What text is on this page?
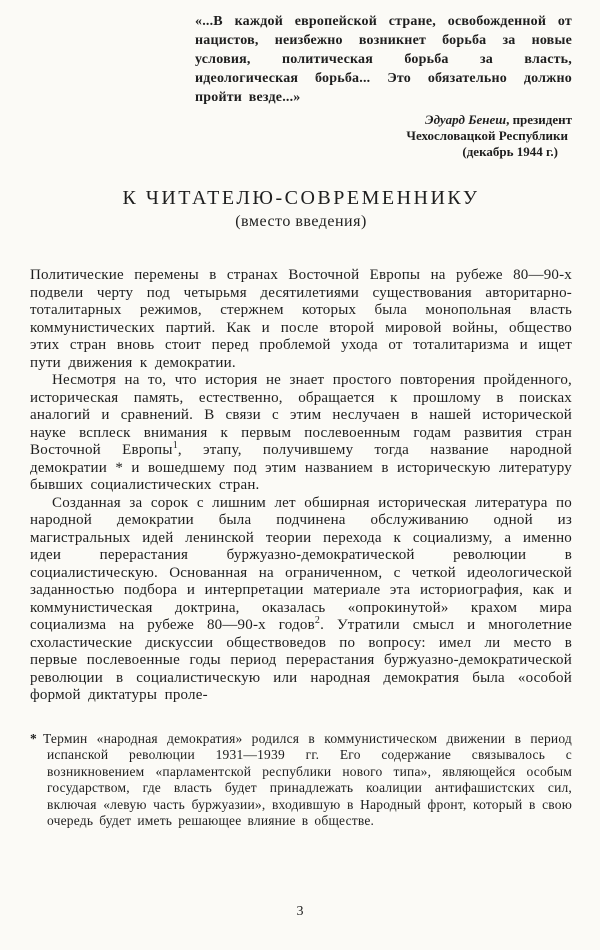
«...В каждой европейской стране, освобожденной от нацистов, неизбежно возникнет борьба за новые условия, политическая борьба за власть, идеологическая борьба... Это обязательно должно пройти везде...»

Эдуард Бенеш, президент
Чехословацкой Республики
(декабрь 1944 г.)
К ЧИТАТЕЛЮ-СОВРЕМЕННИКУ
(вместо введения)

Политические перемены в странах Восточной Европы на рубеже 80—90-х подвели черту под четырьмя десятилетиями существования авторитарно-тоталитарных режимов, стержнем которых была монопольная власть коммунистических партий. Как и после второй мировой войны, общество этих стран вновь стоит перед проблемой ухода от тоталитаризма и ищет пути движения к демократии.

Несмотря на то, что история не знает простого повторения пройденного, историческая память, естественно, обращается к прошлому в поисках аналогий и сравнений. В связи с этим неслучаен в нашей исторической науке всплеск внимания к первым послевоенным годам развития стран Восточной Европы$^1$, этапу, получившему тогда название народной демократии * и вошедшему под этим названием в историческую литературу бывших социалистических стран.

Созданная за сорок с лишним лет обширная историческая литература по народной демократии была подчинена обслуживанию одной из магистральных идей ленинской теории перехода к социализму, а именно идеи перерастания буржуазно-демократической революции в социалистическую. Основанная на ограниченном, с четкой идеологической заданностью подбора и интерпретации материале эта историография, как и коммунистическая доктрина, оказалась «опрокинутой» крахом мира социализма на рубеже 80—90-х годов$^2$. Утратили смысл и многолетние схоластические дискуссии обществоведов по вопросу: имел ли место в первые послевоенные годы период перерастания буржуазно-демократической революции в социалистическую или народная демократия была «особой формой диктатуры проле-

* Термин «народная демократия» родился в коммунистическом движении в период испанской революции 1931—1939 гг. Его содержание связывалось с возникновением «парламентской республики нового типа», являющейся особым государством, где власть будет принадлежать коалиции антифашистских сил, включая «левую часть буржуазии», входившую в Народный фронт, который в свою очередь будет иметь решающее влияние в обществе.
3
